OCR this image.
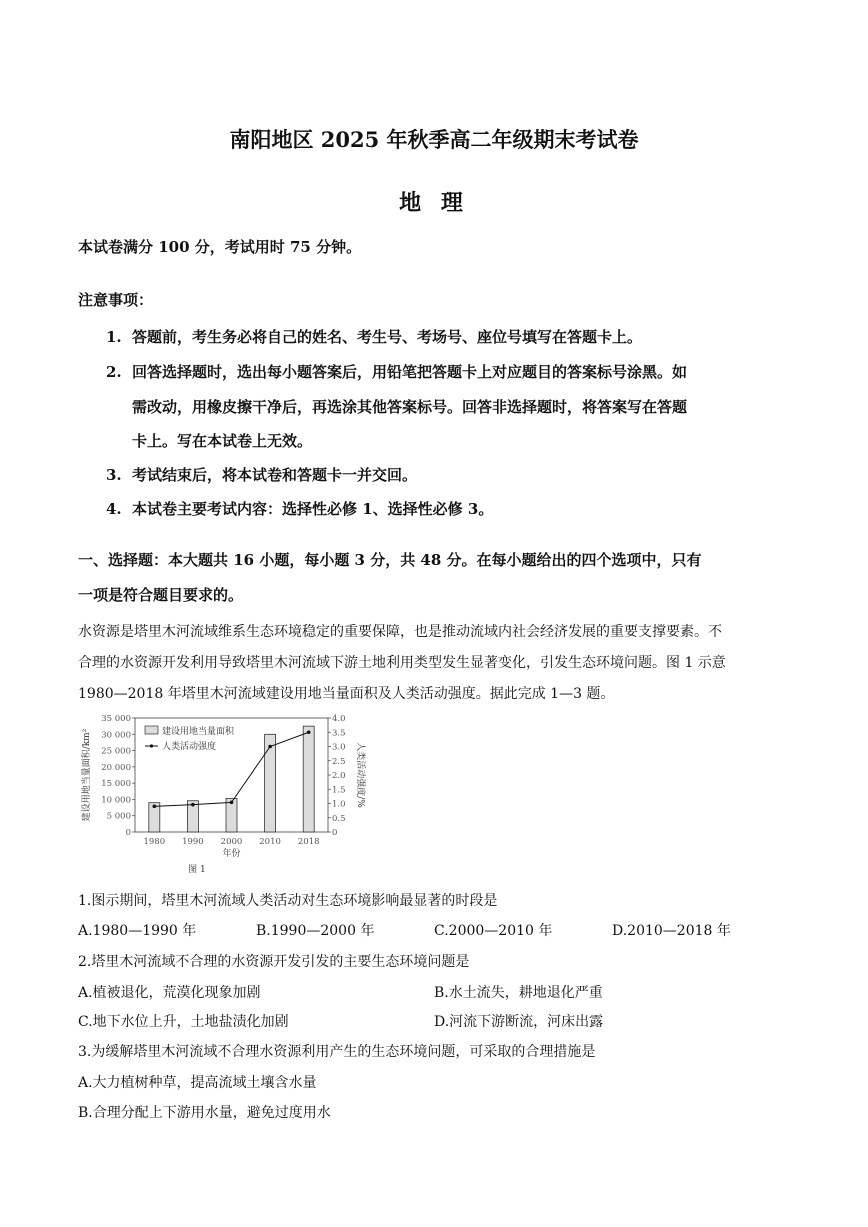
南阳地区 2025 年秋季高二年级期末考试卷
地 理
本试卷满分 100 分，考试用时 75 分钟。
注意事项：
1. 答题前，考生务必将自己的姓名、考生号、考场号、座位号填写在答题卡上。
2. 回答选择题时，选出每小题答案后，用铅笔把答题卡上对应题目的答案标号涂黑。如
需改动，用橡皮擦干净后，再选涂其他答案标号。回答非选择题时，将答案写在答题
卡上。写在本试卷上无效。
3. 考试结束后，将本试卷和答题卡一并交回。
4. 本试卷主要考试内容：选择性必修 1、选择性必修 3。
一、选择题：本大题共 16 小题，每小题 3 分，共 48 分。在每小题给出的四个选项中，只有
一项是符合题目要求的。
水资源是塔里木河流域维系生态环境稳定的重要保障，也是推动流域内社会经济发展的重要支撑要素。不
合理的水资源开发利用导致塔里木河流域下游土地利用类型发生显著变化，引发生态环境问题。图 1 示意
1980—2018 年塔里木河流域建设用地当量面积及人类活动强度。据此完成 1—3 题。
0
5 000
10 000
15 000
20 000
25 000
30 000
35 000
0
0.5
1.0
1.5
2.0
2.5
3.0
3.5
4.0
建设用地当量面积
人类活动强度
1980 1990 2000 2010 2018
年份
图 1
建设用地当量面积/km²	人类活动强度/%
1.图示期间，塔里木河流域人类活动对生态环境影响最显著的时段是
A.1980—1990 年	B.1990—2000 年	C.2000—2010 年	D.2010—2018 年
2.塔里木河流域不合理的水资源开发引发的主要生态环境问题是
A.植被退化，荒漠化现象加剧	B.水土流失，耕地退化严重
C.地下水位上升，土地盐渍化加剧	D.河流下游断流，河床出露
3.为缓解塔里木河流域不合理水资源利用产生的生态环境问题，可采取的合理措施是
A.大力植树种草，提高流域土壤含水量
B.合理分配上下游用水量，避免过度用水
